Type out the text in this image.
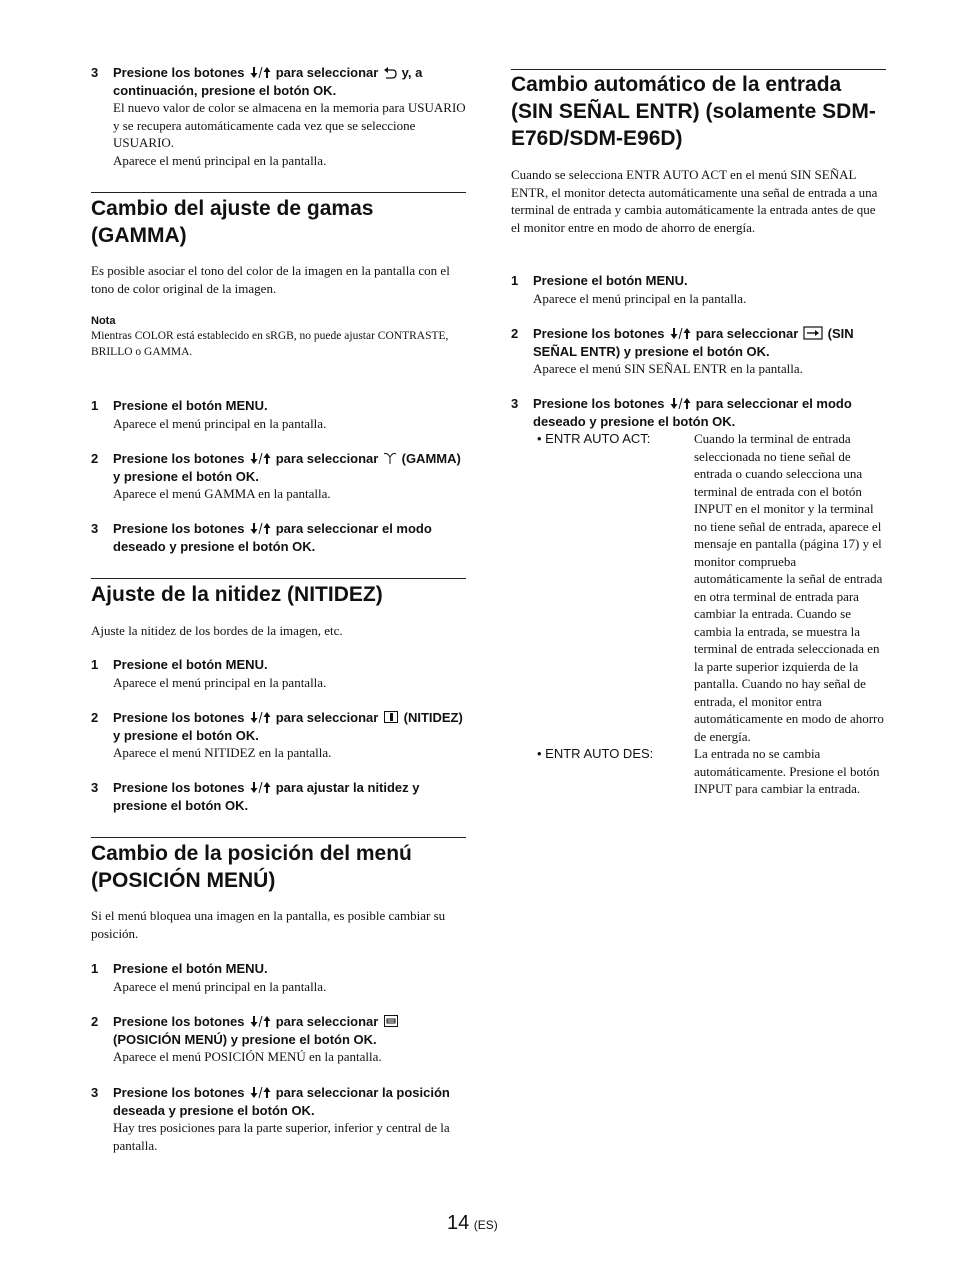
3	Presione los botones para seleccionar y, a continuación, presione el botón OK.
El nuevo valor de color se almacena en la memoria para USUARIO y se recupera automáticamente cada vez que se seleccione USUARIO.
Aparece el menú principal en la pantalla.
Cambio del ajuste de gamas (GAMMA)

Es posible asociar el tono del color de la imagen en la pantalla con el tono de color original de la imagen.

Nota
Mientras COLOR está establecido en sRGB, no puede ajustar CONTRASTE, BRILLO o GAMMA.
1	Presione el botón MENU.
Aparece el menú principal en la pantalla.
2	Presione los botones para seleccionar (GAMMA) y presione el botón OK.
Aparece el menú GAMMA en la pantalla.
3	Presione los botones para seleccionar el modo deseado y presione el botón OK.
Ajuste de la nitidez (NITIDEZ)

Ajuste la nitidez de los bordes de la imagen, etc.

1	Presione el botón MENU.
Aparece el menú principal en la pantalla.
2	Presione los botones para seleccionar (NITIDEZ) y presione el botón OK.
Aparece el menú NITIDEZ en la pantalla.
3	Presione los botones para ajustar la nitidez y presione el botón OK.
Cambio de la posición del menú (POSICIÓN MENÚ)

Si el menú bloquea una imagen en la pantalla, es posible cambiar su posición.

1	Presione el botón MENU.
Aparece el menú principal en la pantalla.
2	Presione los botones para seleccionar  (POSICIÓN MENÚ) y presione el botón OK.
Aparece el menú POSICIÓN MENÚ en la pantalla.
3	Presione los botones para seleccionar la posición deseada y presione el botón OK.
Hay tres posiciones para la parte superior, inferior y central de la pantalla.
Cambio automático de la entrada (SIN SEÑAL ENTR) (solamente SDM-E76D/SDM-E96D)

Cuando se selecciona ENTR AUTO ACT en el menú SIN SEÑAL ENTR, el monitor detecta automáticamente una señal de entrada a una terminal de entrada y cambia automáticamente la entrada antes de que el monitor entre en modo de ahorro de energía.

1	Presione el botón MENU.
Aparece el menú principal en la pantalla.
2	Presione los botones para seleccionar (SIN SEÑAL ENTR) y presione el botón OK.
Aparece el menú SIN SEÑAL ENTR en la pantalla.
3	Presione los botones para seleccionar el modo deseado y presione el botón OK.
• ENTR AUTO ACT:	Cuando la terminal de entrada seleccionada no tiene señal de entrada o cuando selecciona una terminal de entrada con el botón INPUT en el monitor y la terminal no tiene señal de entrada, aparece el mensaje en pantalla (página 17) y el monitor comprueba automáticamente la señal de entrada en otra terminal de entrada para cambiar la entrada. Cuando se cambia la entrada, se muestra la terminal de entrada seleccionada en la parte superior izquierda de la pantalla. Cuando no hay señal de entrada, el monitor entra automáticamente en modo de ahorro de energía.
• ENTR AUTO DES:	La entrada no se cambia automáticamente. Presione el botón INPUT para cambiar la entrada.
14 (ES)
